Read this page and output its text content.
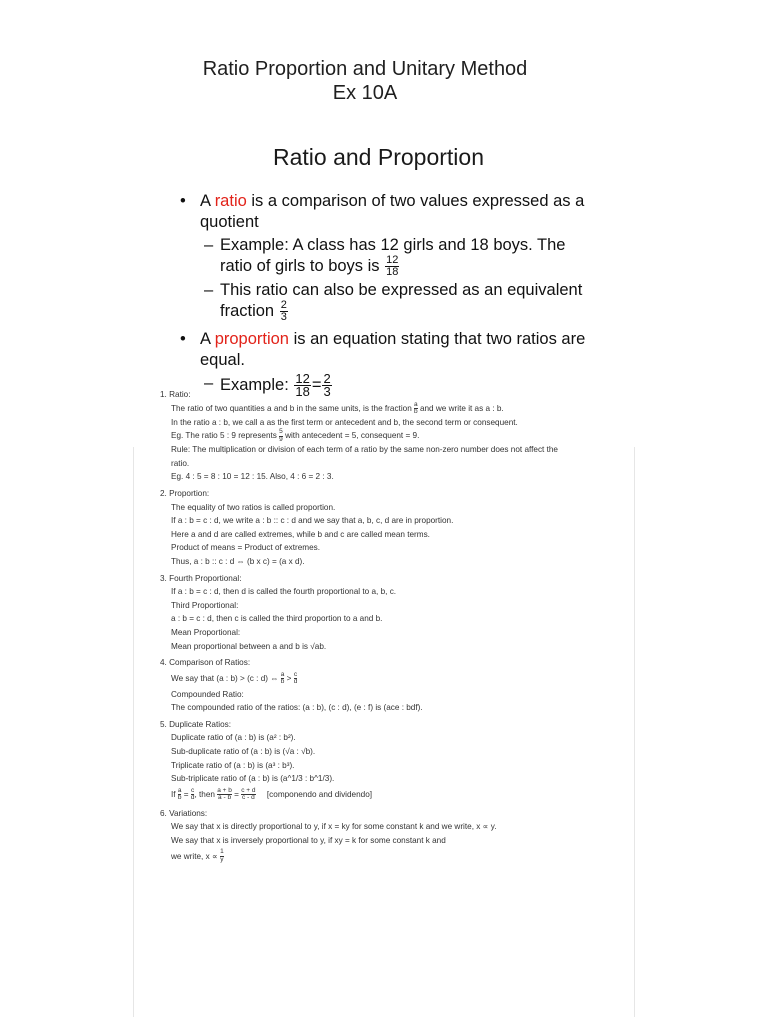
Ratio Proportion and Unitary Method
Ex 10A
Ratio and Proportion
• A ratio is a comparison of two values expressed as a quotient
– Example: A class has 12 girls and 18 boys. The ratio of girls to boys is $\frac{12}{18}$
– This ratio can also be expressed as an equivalent fraction $\frac{2}{3}$
• A proportion is an equation stating that two ratios are equal.
– Example: $\frac{12}{18} = \frac{2}{3}$
1. Ratio:
The ratio of two quantities a and b in the same units, is the fraction $\frac{a}{b}$ and we write it as a : b.
In the ratio a : b, we call a as the first term or antecedent and b, the second term or consequent.
Eg. The ratio 5 : 9 represents $\frac{5}{9}$ with antecedent = 5, consequent = 9.
Rule: The multiplication or division of each term of a ratio by the same non-zero number does not affect the
ratio.
Eg. 4 : 5 = 8 : 10 = 12 : 15. Also, 4 : 6 = 2 : 3.
2. Proportion:
The equality of two ratios is called proportion.
If a : b = c : d, we write a : b :: c : d and we say that a, b, c, d are in proportion.
Here a and d are called extremes, while b and c are called mean terms.
Product of means = Product of extremes.
Thus, a : b :: c : d ⇔ (b x c) = (a x d).
3. Fourth Proportional:
If a : b = c : d, then d is called the fourth proportional to a, b, c.
Third Proportional:
a : b = c : d, then c is called the third proportion to a and b.
Mean Proportional:
Mean proportional between a and b is √ab.
4. Comparison of Ratios:
We say that (a : b) > (c : d) ⇔ $\frac{a}{b} > \frac{c}{d}$
Compounded Ratio:
The compounded ratio of the ratios: (a : b), (c : d), (e : f) is (ace : bdf).
5. Duplicate Ratios:
Duplicate ratio of (a : b) is (a² : b²).
Sub-duplicate ratio of (a : b) is (√a : √b).
Triplicate ratio of (a : b) is (a³ : b³).
Sub-triplicate ratio of (a : b) is (a^1/3 : b^1/3).
If $\frac{a}{b} = \frac{c}{d}$ , then $\frac{a + b}{a - b} = \frac{c + d}{c - d}$ [componendo and dividendo]
6. Variations:
We say that x is directly proportional to y, if x = ky for some constant k and we write, x ∝ y.
We say that x is inversely proportional to y, if xy = k for some constant k and
we write, $x \propto \frac{1}{y}$
